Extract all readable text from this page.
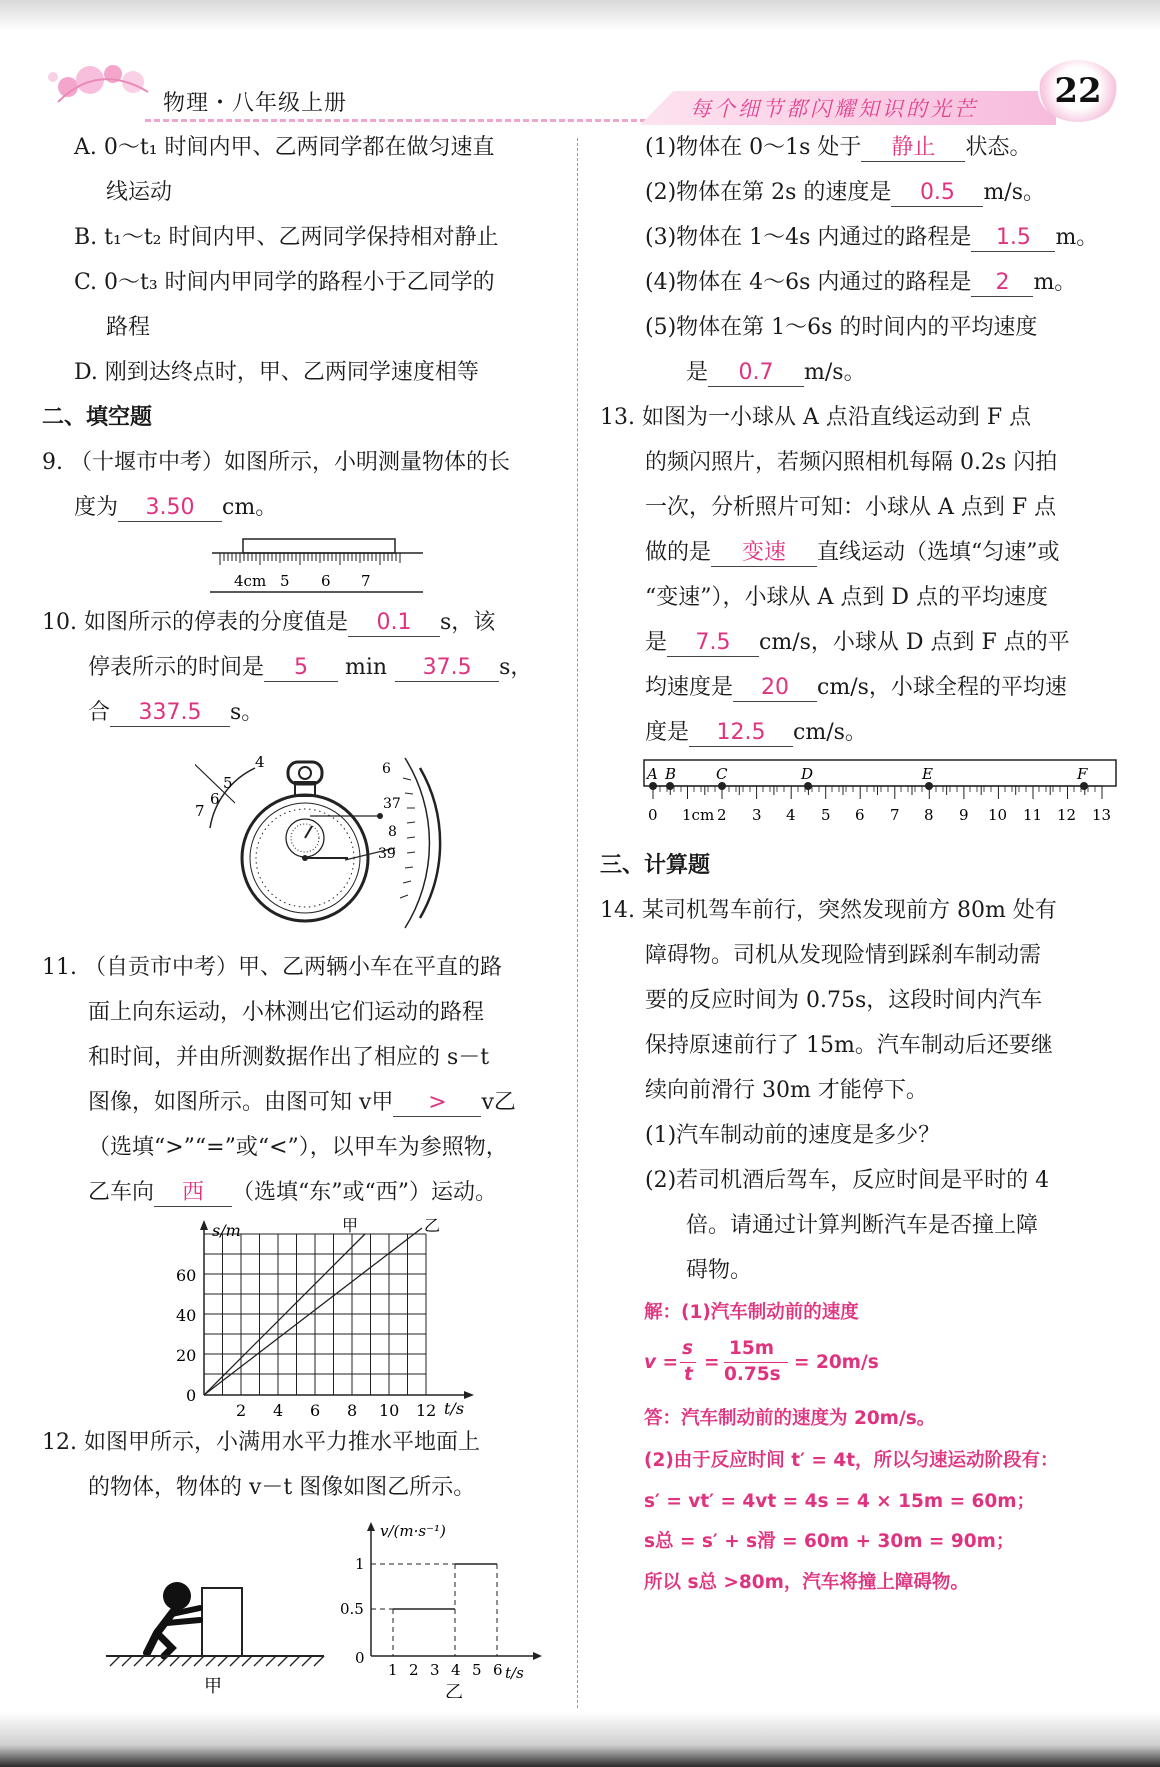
物理・八年级上册	每个细节都闪耀知识的光芒	22
A. 0～t₁ 时间内甲、乙两同学都在做匀速直
线运动
B. t₁～t₂ 时间内甲、乙两同学保持相对静止
C. 0～t₃ 时间内甲同学的路程小于乙同学的
路程
D. 刚到达终点时，甲、乙两同学速度相等
二、填空题
9. （十堰市中考）如图所示，小明测量物体的长
度为 3.50 cm。
4cm 5 6 7
10. 如图所示的停表的分度值是 0.1 s，该
停表所示的时间是 5 min 37.5 s，
合 337.5 s。
7
6
5
4	6
37
8
39
11. （自贡市中考）甲、乙两辆小车在平直的路
面上向东运动，小林测出它们运动的路程
和时间，并由所测数据作出了相应的 s－t
图像，如图所示。由图可知 v甲 > v乙
（选填“>”“=”或“<”），以甲车为参照物，
乙车向 西 （选填“东”或“西”）运动。
s/m
t/s
甲	乙
60
40
20
0
2 4 6 8 10 12
12. 如图甲所示，小满用水平力推水平地面上
的物体，物体的 v－t 图像如图乙所示。
甲
v/(m·s⁻¹)
t/s
1
0.5
0
1 2 3 4 5 6
乙
(1)物体在 0～1s 处于 静止 状态。
(2)物体在第 2s 的速度是 0.5 m/s。
(3)物体在 1～4s 内通过的路程是 1.5 m。
(4)物体在 4～6s 内通过的路程是 2 m。
(5)物体在第 1～6s 的时间内的平均速度
是 0.7 m/s。
13. 如图为一小球从 A 点沿直线运动到 F 点
的频闪照片，若频闪照相机每隔 0.2s 闪拍
一次，分析照片可知：小球从 A 点到 F 点
做的是 变速 直线运动（选填“匀速”或
“变速”），小球从 A 点到 D 点的平均速度
是 7.5 cm/s，小球从 D 点到 F 点的平
均速度是 20 cm/s，小球全程的平均速
度是 12.5 cm/s。
A B	C	D	E	F
0 1cm 2 3 4 5 6 7 8 9 10 11 12 13
三、计算题
14. 某司机驾车前行，突然发现前方 80m 处有
障碍物。司机从发现险情到踩刹车制动需
要的反应时间为 0.75s，这段时间内汽车
保持原速前行了 15m。汽车制动后还要继
续向前滑行 30m 才能停下。
(1)汽车制动前的速度是多少？
(2)若司机酒后驾车，反应时间是平时的 4
倍。请通过计算判断汽车是否撞上障
碍物。
解：(1)汽车制动前的速度
v =
s
t
=
15m
0.75s
= 20m/s
答：汽车制动前的速度为 20m/s。
(2)由于反应时间 t′ = 4t，所以匀速运动阶段有：
s′ = vt′ = 4vt = 4s = 4 × 15m = 60m；
s总 = s′ + s滑 = 60m + 30m = 90m；
所以 s总 >80m，汽车将撞上障碍物。
